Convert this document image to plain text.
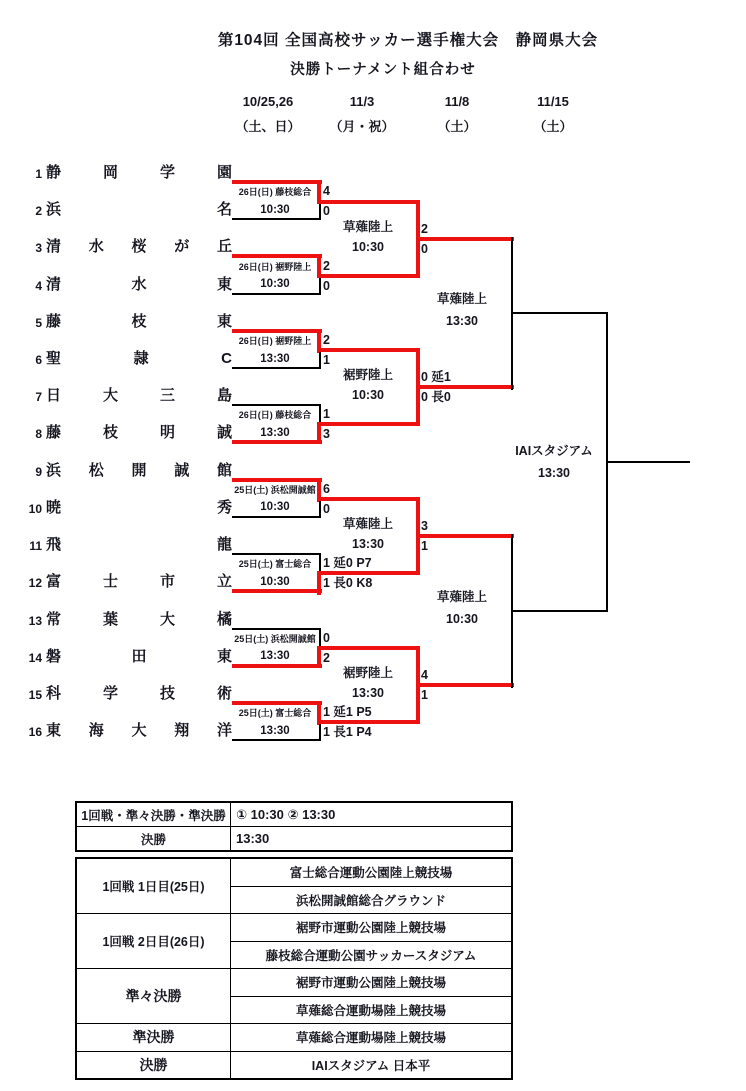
第104回 全国高校サッカー選手権大会　静岡県大会
決勝トーナメント組合わせ
10/25,26
（土、日）
11/3
（月・祝）
11/8
（土）
11/15
（土）
1 静	岡	学	園
2 浜	名
3 清 水 桜 が 丘
4 清	水	東
5 藤	枝	東
6 聖	隷	C
7 日	大	三	島
8 藤	枝	明	誠
9 浜 松 開 誠 館
10 暁	秀
11 飛	龍
12 富	士	市	立
13 常	葉	大	橘
14 磐	田	東
15 科	学	技	術
16 東 海 大 翔 洋
26日(日) 藤枝総合
10:30
26日(日) 裾野陸上
10:30
26日(日) 裾野陸上
13:30
26日(日) 藤枝総合
13:30
25日(土) 浜松開誠館
10:30
25日(土) 富士総合
10:30
25日(土) 浜松開誠館
13:30
25日(土) 富士総合
13:30
4
0
2
0
2
1
1
3
6
0
1 延0 P7
1 長0 K8
0
2
1 延1 P5
1 長1 P4
草薙陸上
10:30
裾野陸上
10:30
草薙陸上
13:30
裾野陸上
13:30
2
0
0 延1
0 長0
3
1
4
1
草薙陸上
13:30
草薙陸上
10:30
IAIスタジアム
13:30
1回戦・準々決勝・準決勝	① 10:30 ② 13:30
決勝	13:30
1回戦 1日目(25日)	富士総合運動公園陸上競技場
	浜松開誠館総合グラウンド
1回戦 2日目(26日)	裾野市運動公園陸上競技場
	藤枝総合運動公園サッカースタジアム
準々決勝	裾野市運動公園陸上競技場
	草薙総合運動場陸上競技場
準決勝	草薙総合運動場陸上競技場
決勝	IAIスタジアム 日本平
